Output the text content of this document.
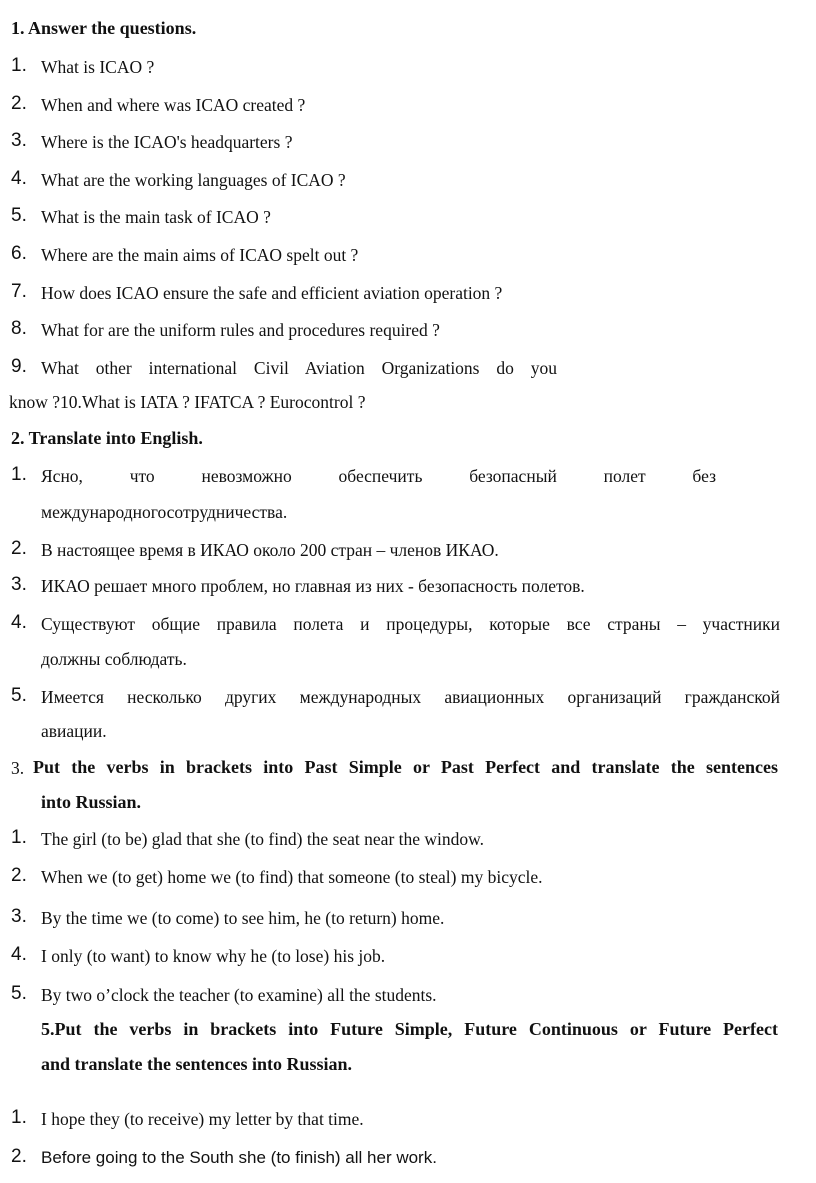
1. Answer the questions.
1. What is ICAO ?
2. When and where was ICAO created ?
3. Where is the ICAO's headquarters ?
4. What are the working languages of ICAO ?
5. What is the main task of ICAO ?
6. Where are the main aims of ICAO spelt out ?
7. How does ICAO ensure the safe and efficient aviation operation ?
8. What for are the uniform rules and procedures required ?
9. What other international Civil Aviation Organizations do you
know ?10.What is IATA ? IFATCA ? Eurocontrol ?
2. Translate into English.
1. Ясно, что невозможно обеспечить безопасный полет без
международногосотрудничества.
2. В настоящее время в ИКАО около 200 стран – членов ИКАО.
3. ИКАО решает много проблем, но главная из них - безопасность полетов.
4. Существуют общие правила полета и процедуры, которые все страны – участники
должны соблюдать.
5. Имеется несколько других международных авиационных организаций гражданской
авиации.
3. Put the verbs in brackets into Past Simple or Past Perfect and translate the sentences
into Russian.
1. The girl (to be) glad that she (to find) the seat near the window.
2. When we (to get) home we (to find) that someone (to steal) my bicycle.
3. By the time we (to come) to see him, he (to return) home.
4. I only (to want) to know why he (to lose) his job.
5. By two o’clock the teacher (to examine) all the students.
5.Put the verbs in brackets into Future Simple, Future Continuous or Future Perfect
and translate the sentences into Russian.
1. I hope they (to receive) my letter by that time.
2. Before going to the South she (to finish) all her work.
